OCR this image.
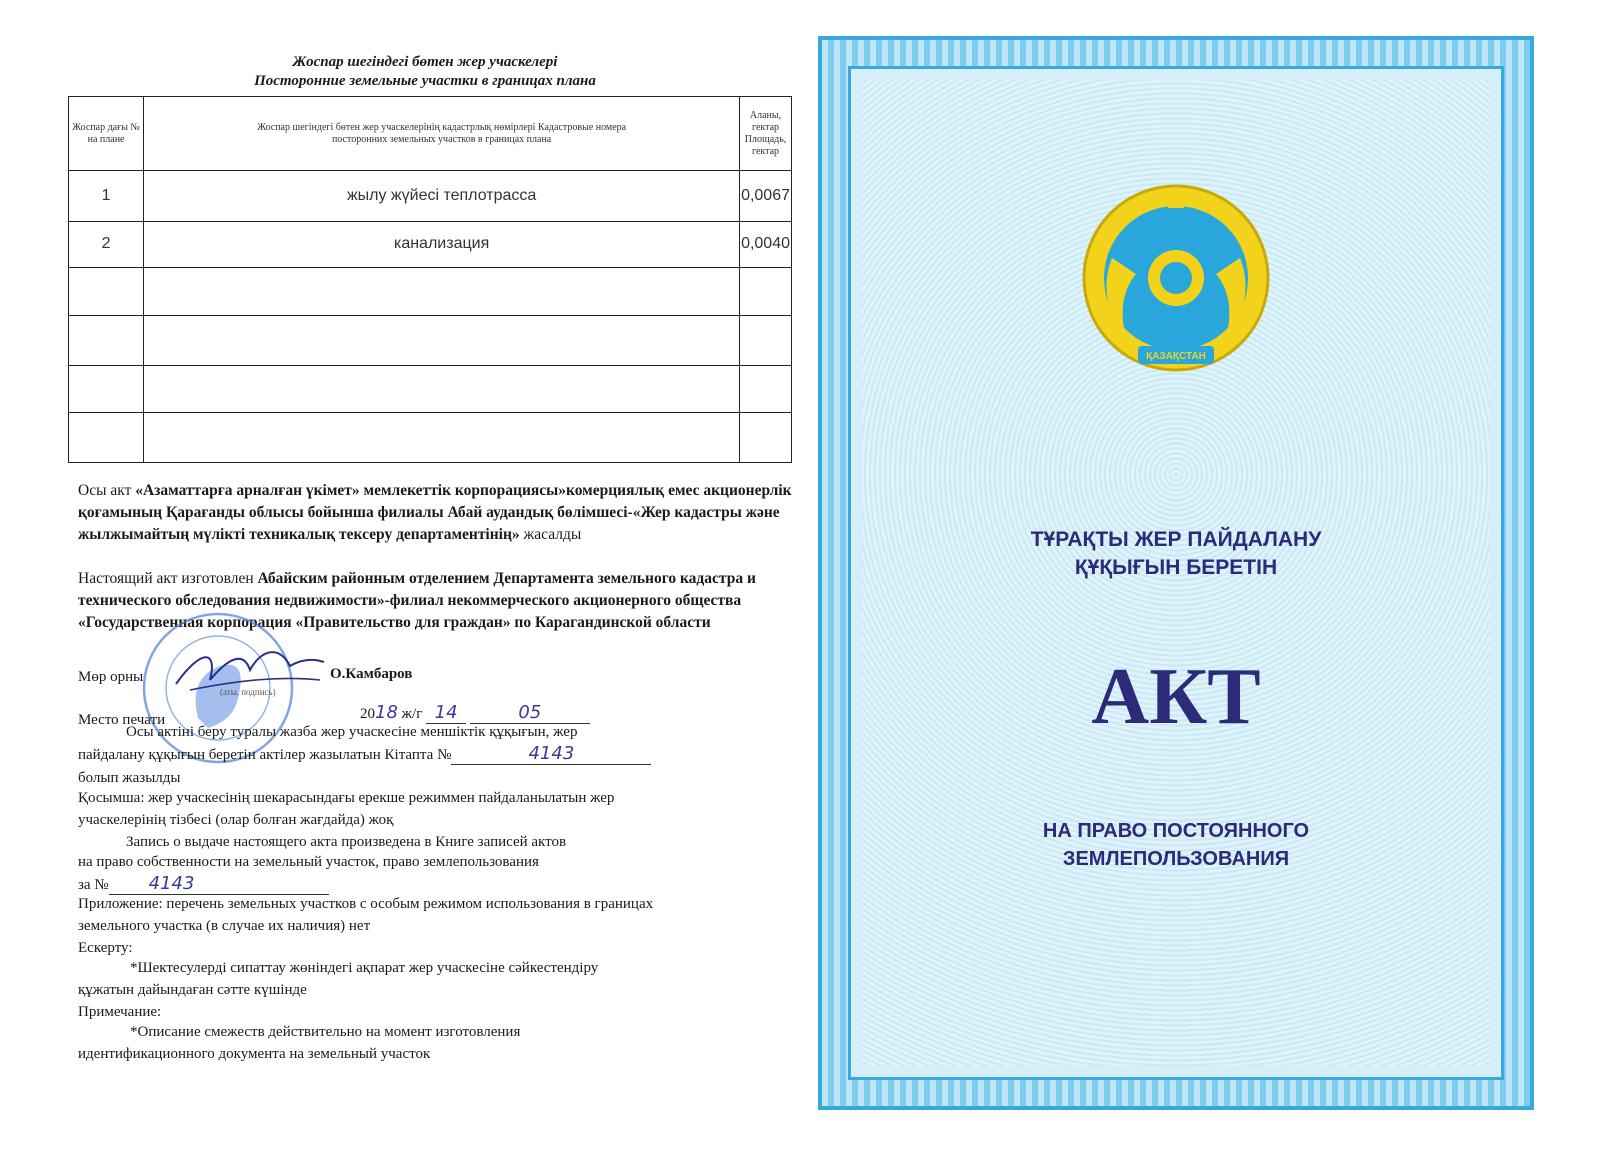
Жоспар шегіндегі бөтен жер учаскелері
Посторонние земельные участки в границах плана
Жоспар дағы № на плане	Жоспар шегіндегі бөтен жер учаскелерінің кадастрлық нөмірлері Кадастровые номера посторонних земельных участков в границах плана	Аланы, гектар Площадь, гектар
1	жылу жүйесі теплотрасса	0,0067
2	канализация	0,0040

Осы акт «Азаматтарға арналған үкімет» мемлекеттік корпорациясы»комерциялық емес акционерлік қоғамының Қарағанды облысы бойынша филиалы Абай аудандық бөлімшесі-«Жер кадастры және жылжымайтың мүлікті техникалық тексеру департаментінің» жасалды
Настоящий акт изготовлен Абайским районным отделением Департамента земельного кадастра и технического обследования недвижимости»-филиал некоммерческого акционерного общества «Государственная корпорация «Правительство для граждан» по Карагандинской области
Мөр орны
(аты, подпись)
О.Камбаров
Место печати	2018 ж/г 14	05
Осы актіні беру туралы жазба жер учаскесіне меншіктік құқығын, жер
пайдалану құқығын беретін актілер жазылатын Кітапта №	4143
болып жазылды
Қосымша: жер учаскесінің шекарасындағы ерекше режиммен пайдаланылатын жер
учаскелерінің тізбесі (олар болған жағдайда) жоқ
Запись о выдаче настоящего акта произведена в Книге записей актов
на право собственности на земельный участок, право землепользования
за № 4143
Приложение: перечень земельных участков с особым режимом использования в границах
земельного участка (в случае их наличия) нет
Ескерту:
*Шектесулерді сипаттау жөніндегі ақпарат жер учаскесіне сәйкестендіру
құжатын дайындаған сәтте күшінде
Примечание:
*Описание смежеств действительно на момент изготовления
идентификационного документа на земельный участок
ҚАЗАҚСТАН
ТҰРАҚТЫ ЖЕР ПАЙДАЛАНУ
ҚҰҚЫҒЫН БЕРЕТІН
АКТ
НА ПРАВО ПОСТОЯННОГО
ЗЕМЛЕПОЛЬЗОВАНИЯ
